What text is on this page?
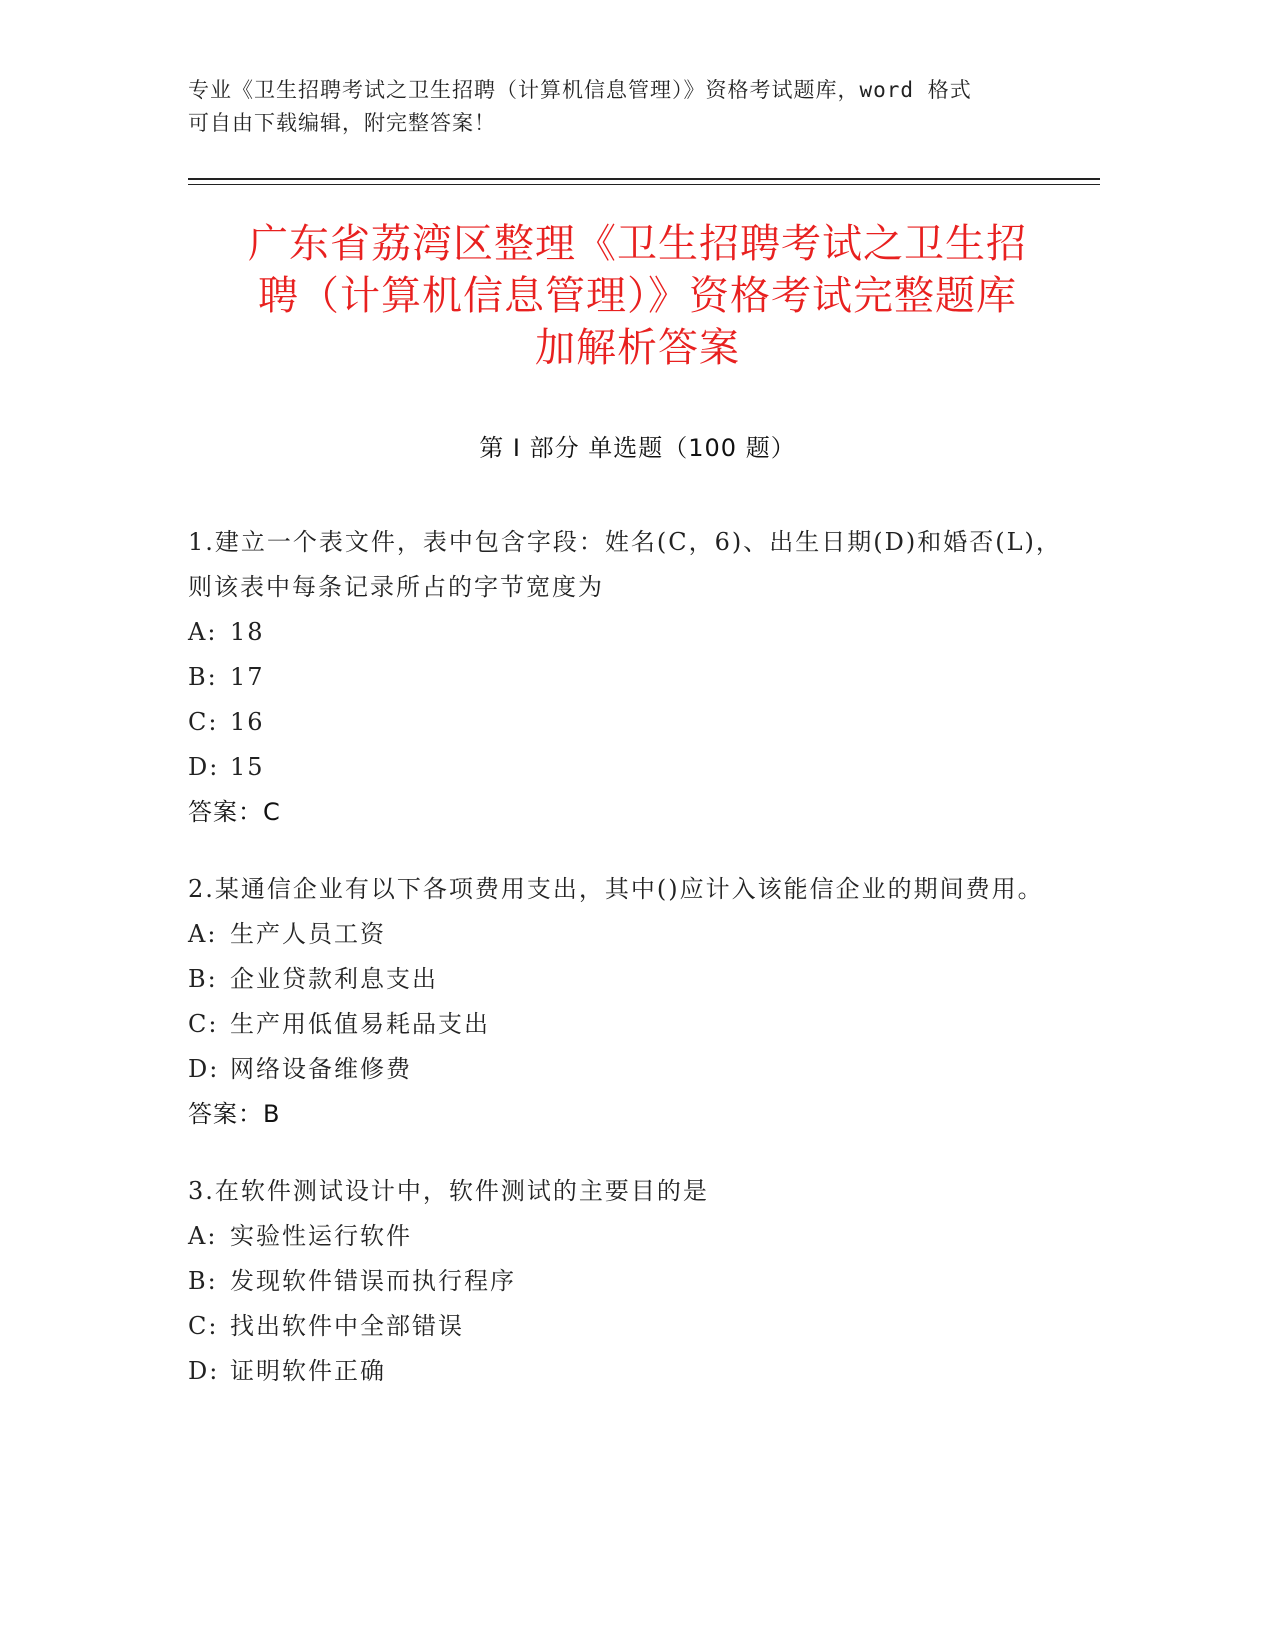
专业《卫生招聘考试之卫生招聘（计算机信息管理）》资格考试题库，word 格式
可自由下载编辑，附完整答案！
广东省荔湾区整理《卫生招聘考试之卫生招
聘（计算机信息管理）》资格考试完整题库
加解析答案
第 I 部分 单选题（100 题）
1.建立一个表文件，表中包含字段：姓名(C，6)、出生日期(D)和婚否(L)，则该表中每条记录所占的字节宽度为
A: 18
B: 17
C: 16
D: 15
答案：C
2.某通信企业有以下各项费用支出，其中()应计入该能信企业的期间费用。
A: 生产人员工资
B: 企业贷款利息支出
C: 生产用低值易耗品支出
D: 网络设备维修费
答案：B
3.在软件测试设计中，软件测试的主要目的是
A: 实验性运行软件
B: 发现软件错误而执行程序
C: 找出软件中全部错误
D: 证明软件正确
